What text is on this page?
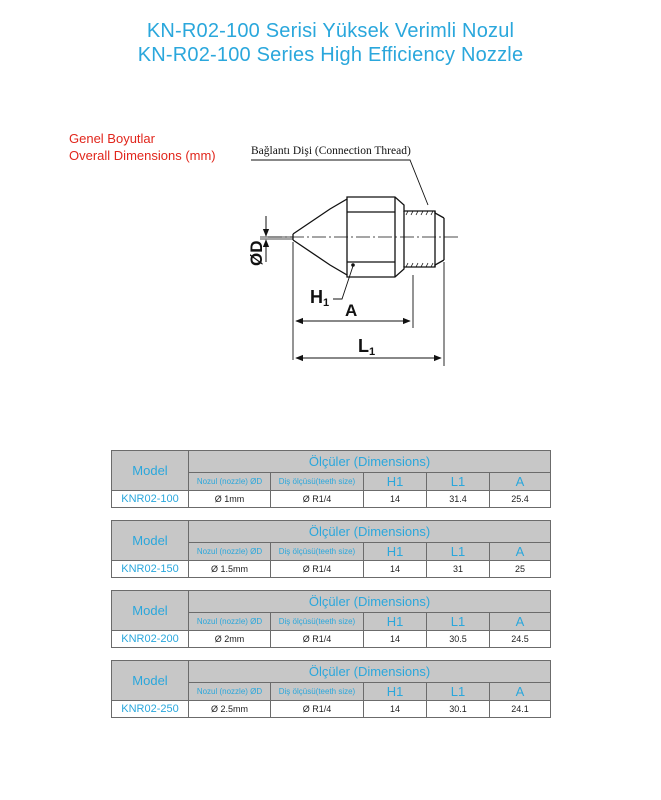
KN-R02-100 Serisi Yüksek Verimli Nozul
KN-R02-100 Series High Efficiency Nozzle
Genel Boyutlar
Overall Dimensions (mm)	Bağlantı Dişi (Connection Thread)
ØD
H1 A
L1
Model	Ölçüler (Dimensions)				
	Nozul (nozzle) ØD	Diş ölçüsü(teeth size)	H1	L1	A
KNR02-100	Ø 1mm	Ø R1/4	14	31.4	25.4
Model	Ölçüler (Dimensions)				
	Nozul (nozzle) ØD	Diş ölçüsü(teeth size)	H1	L1	A
KNR02-150	Ø 1.5mm	Ø R1/4	14	31	25
Model	Ölçüler (Dimensions)				
	Nozul (nozzle) ØD	Diş ölçüsü(teeth size)	H1	L1	A
KNR02-200	Ø 2mm	Ø R1/4	14	30.5	24.5
Model	Ölçüler (Dimensions)				
	Nozul (nozzle) ØD	Diş ölçüsü(teeth size)	H1	L1	A
KNR02-250	Ø 2.5mm	Ø R1/4	14	30.1	24.1
